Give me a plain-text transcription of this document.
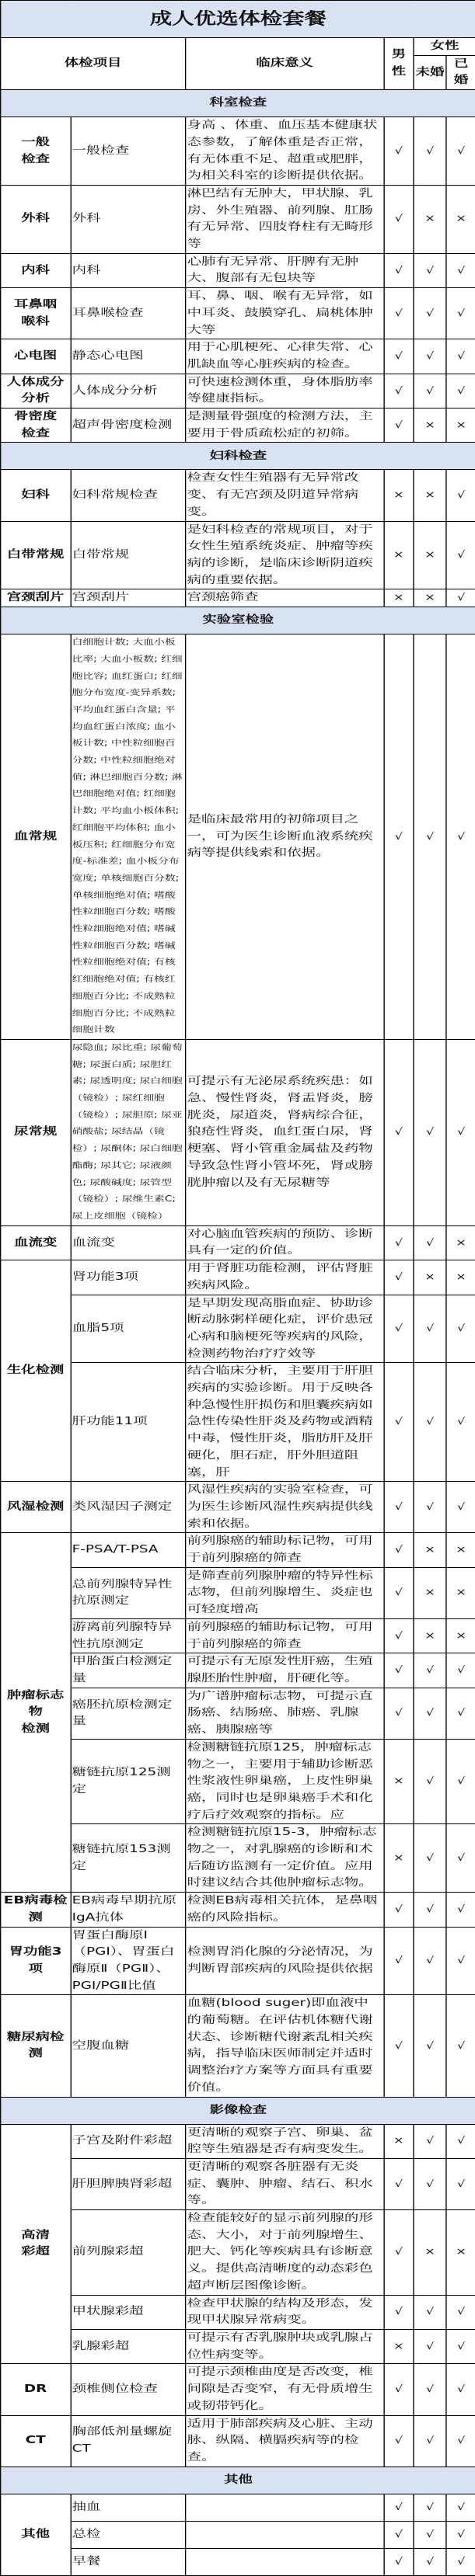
成人优选体检套餐					
体检项目		临床意义	男性	女性	
				未婚	已婚
科室检查					
一般
检查	一般检查	身高 、体重、血压基本健康状态参数，了解体重是否正常，有无体重不足、超重或肥胖，为相关科室的诊断提供依据。	√	√	√
外科	外科	淋巴结有无肿大，甲状腺、乳房、外生殖器、前列腺、肛肠有无异常、四肢脊柱有无畸形等	√	×	×
内科	内科	心肺有无异常、肝脾有无肿大、腹部有无包块等	√	√	√
耳鼻咽
喉科	耳鼻喉检查	耳、鼻、咽、喉有无异常，如中耳炎、鼓膜穿孔、扁桃体肿大等	√	√	√
心电图	静态心电图	用于心肌梗死、心律失常、心肌缺血等心脏疾病的检查。	√	√	√
人体成分
分析	人体成分分析	可快速检测体重，身体脂肪率等健康指标。	√	√	√
骨密度
检查	超声骨密度检测	是测量骨强度的检测方法，主要用于骨质疏松症的初筛。	√	×	×
妇科检查					
妇科	妇科常规检查	检查女性生殖器有无异常改变、有无宫颈及阴道异常病变。	×	×	√
白带常规	白带常规	是妇科检查的常规项目，对于女性生殖系统炎症、肿瘤等疾病的诊断，是临床诊断阴道疾病的重要依据。	×	×	√
宫颈刮片	宫颈刮片	宫颈癌筛查	×	×	√
实验室检验					
血常规	白细胞计数; 大血小板比率; 大血小板数; 红细胞比容; 血红蛋白; 红细胞分布宽度-变异系数; 平均血红蛋白含量; 平均血红蛋白浓度; 血小板计数; 中性粒细胞百分数; 中性粒细胞绝对值; 淋巴细胞百分数; 淋巴细胞绝对值; 红细胞计数; 平均血小板体积; 红细胞平均体积; 血小板压积; 红细胞分布宽度-标准差; 血小板分布宽度; 单核细胞百分数; 单核细胞绝对值; 嗜酸性粒细胞百分数; 嗜酸性粒细胞绝对值; 嗜碱性粒细胞百分数; 嗜碱性粒细胞绝对值; 有核红细胞绝对值; 有核红细胞百分比; 不成熟粒细胞百分比; 不成熟粒细胞计数	是临床最常用的初筛项目之一，可为医生诊断血液系统疾病等提供线索和依据。	√	√	√
尿常规	尿隐血; 尿比重; 尿葡萄糖; 尿蛋白质; 尿胆红素; 尿透明度; 尿白细胞（镜检）; 尿红细胞（镜检）; 尿胆原; 尿亚硝酸盐; 尿结晶（镜检）; 尿酮体; 尿白细胞酯酶; 尿其它; 尿液颜色; 尿酸碱度; 尿管型（镜检）; 尿维生素C; 尿上皮细胞（镜检）	可提示有无泌尿系统疾患：如急、慢性肾炎，肾盂肾炎，膀胱炎，尿道炎，肾病综合征，狼疮性肾炎，血红蛋白尿，肾梗塞、肾小管重金属盐及药物导致急性肾小管坏死，肾或膀胱肿瘤以及有无尿糖等	√	√	√
血流变	血流变	对心脑血管疾病的预防、诊断具有一定的价值。	√	√	×
生化检测	肾功能3项	用于肾脏功能检测，评估肾脏疾病风险。	√	×	×
	血脂5项	是早期发现高脂血症、协助诊断动脉粥样硬化症，评价患冠心病和脑梗死等疾病的风险，检测药物治疗疗效等	√	√	√
	肝功能11项	结合临床分析，主要用于肝胆疾病的实验诊断。用于反映各种急慢性肝损伤和胆囊疾病如急性传染性肝炎及药物或酒精中毒，慢性肝炎，脂肪肝及肝硬化，胆石症，肝外胆道阻塞，肝	√	√	√
风湿检测	类风湿因子测定	风湿性疾病的实验室检查，可为医生诊断风湿性疾病提供线索和依据。	√	√	√
肿瘤标志物
检测	F-PSA/T-PSA	前列腺癌的辅助标记物，可用于前列腺癌的筛查	√	×	×
	总前列腺特异性抗原测定	是筛查前列腺肿瘤的特异性标志物，但前列腺增生、炎症也可轻度增高	√	×	×
	游离前列腺特异性抗原测定	前列腺癌的辅助标记物，可用于前列腺癌的筛查	√	×	×
	甲胎蛋白检测定量	可提示有无原发性肝癌，生殖腺胚胎性肿瘤，肝硬化等。	√	√	√
	癌胚抗原检测定量	为广谱肿瘤标志物，可提示直肠癌、结肠癌、肺癌、乳腺癌、胰腺癌等	√	√	√
	糖链抗原125测定	检测糖链抗原125，肿瘤标志物之一，主要用于辅助诊断恶性浆液性卵巢癌，上皮性卵巢癌，同时也是卵巢癌手术和化疗后疗效观察的指标。应	×	√	√
	糖链抗原153测定	检测糖链抗原15-3，肿瘤标志物之一，对乳腺癌的诊断和术后随访监测有一定价值。应用时建议结合其他肿瘤标志物。	×	√	√
EB病毒检测	EB病毒早期抗原IgA抗体	检测EB病毒相关抗体，是鼻咽癌的风险指标。	√	√	√
胃功能3项	胃蛋白酶原Ⅰ（PGⅠ）、胃蛋白酶原Ⅱ（PGⅡ）、PGⅠ/PGⅡ比值	检测胃消化腺的分泌情况，为判断胃部疾病的风险提供依据	√	√	√
糖尿病检测	空腹血糖	血糖(blood suger)即血液中的葡萄糖。在评估机体糖代谢状态、诊断糖代谢紊乱相关疾病，指导临床医师制定并适时调整治疗方案等方面具有重要价值。	√	√	√
影像检查					
高清
彩超	子宫及附件彩超	更清晰的观察子宫、卵巢、盆腔等生殖器是否有病变发生。	×	√	√
	肝胆脾胰肾彩超	更清晰的观察各脏器有无炎症、囊肿、肿瘤、结石、积水等。	√	√	√
	前列腺彩超	检查能较好的显示前列腺的形态、大小，对于前列腺增生、肥大、钙化等疾病具有诊断意义。提供高清晰度的动态彩色超声断层图像诊断。	√	×	×
	甲状腺彩超	检查甲状腺的结构及形态，发现甲状腺异常病变。	√	√	√
	乳腺彩超	可提示有否乳腺肿块或乳腺占位性病变等。	×	√	√
DR	颈椎侧位检查	可提示颈椎曲度是否改变，椎间隙是否变窄，有无骨质增生或韧带钙化。	√	√	√
CT	胸部低剂量螺旋CT	适用于肺部疾病及心脏、主动脉、纵隔、横膈疾病等的检查。	√	√	√
其他					
其他	抽血		√	√	√
	总检		√	√	√
	早餐		√	√	√
